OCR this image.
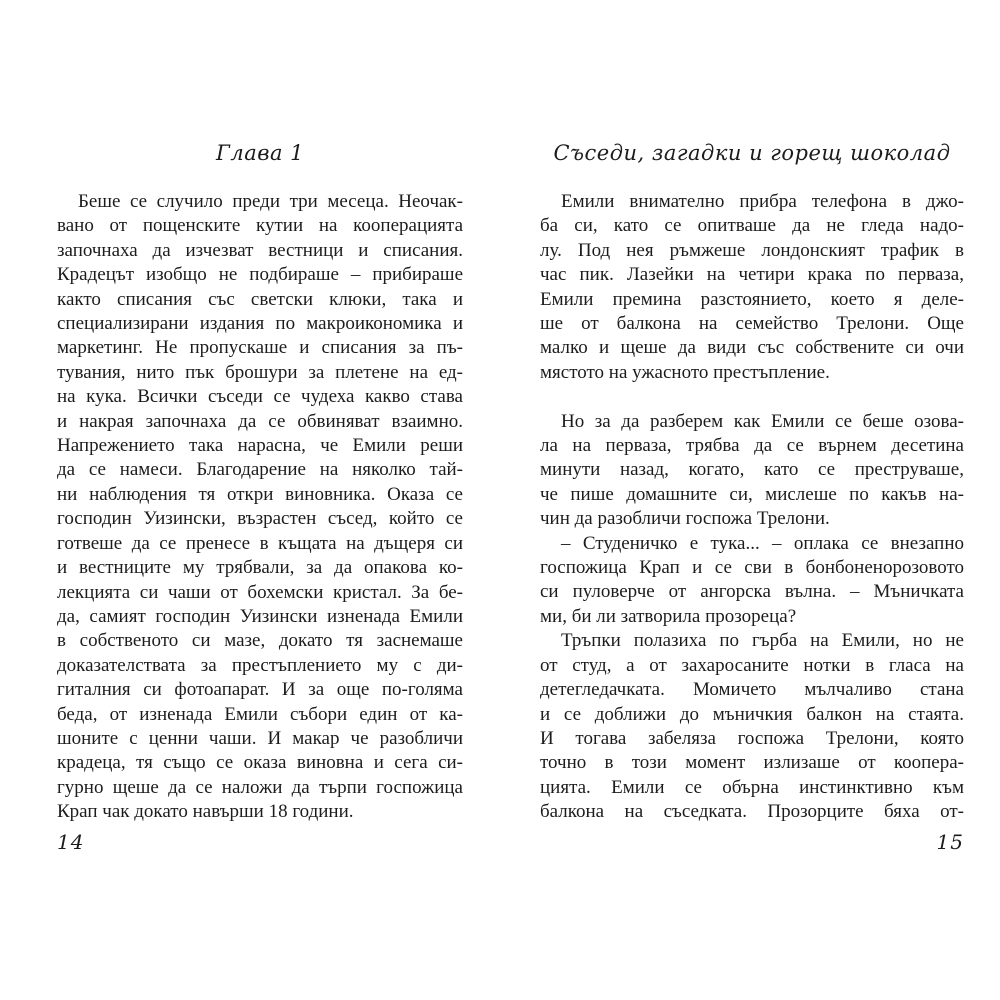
Глава 1
Беше се случило преди три месеца. Неочак-
вано от пощенските кутии на кооперацията
започнаха да изчезват вестници и списания.
Крадецът изобщо не подбираше – прибираше
както списания със светски клюки, така и
специализирани издания по макроикономика и
маркетинг. Не пропускаше и списания за пъ-
тувания, нито пък брошури за плетене на ед-
на кука. Всички съседи се чудеха какво става
и накрая започнаха да се обвиняват взаимно.
Напрежението така нарасна, че Емили реши
да се намеси. Благодарение на няколко тай-
ни наблюдения тя откри виновника. Оказа се
господин Уизински, възрастен съсед, който се
готвеше да се пренесе в къщата на дъщеря си
и вестниците му трябвали, за да опакова ко-
лекцията си чаши от бохемски кристал. За бе-
да, самият господин Уизински изненада Емили
в собственото си мазе, докато тя заснемаше
доказателствата за престъплението му с ди-
гиталния си фотоапарат. И за още по-голяма
беда, от изненада Емили събори един от ка-
шоните с ценни чаши. И макар че разобличи
крадеца, тя също се оказа виновна и сега си-
гурно щеше да се наложи да търпи госпожица
Крап чак докато навърши 18 години.
14
Съседи, загадки и горещ шоколад
Емили внимателно прибра телефона в джо-
ба си, като се опитваше да не гледа надо-
лу. Под нея ръмжеше лондонският трафик в
час пик. Лазейки на четири крака по перваза,
Емили премина разстоянието, което я деле-
ше от балкона на семейство Трелони. Още
малко и щеше да види със собствените си очи
мястото на ужасното престъпление.
Но за да разберем как Емили се беше озова-
ла на перваза, трябва да се върнем десетина
минути назад, когато, като се преструваше,
че пише домашните си, мислеше по какъв на-
чин да разобличи госпожа Трелони.
– Студеничко е тука... – оплака се внезапно
госпожица Крап и се сви в бонбоненорозовото
си пуловерче от ангорска вълна. – Мъничката
ми, би ли затворила прозореца?
Тръпки полазиха по гърба на Емили, но не
от студ, а от захаросаните нотки в гласа на
детегледачката. Момичето мълчаливо стана
и се доближи до мъничкия балкон на стаята.
И тогава забеляза госпожа Трелони, която
точно в този момент излизаше от коопера-
цията. Емили се обърна инстинктивно към
балкона на съседката. Прозорците бяха от-
15
